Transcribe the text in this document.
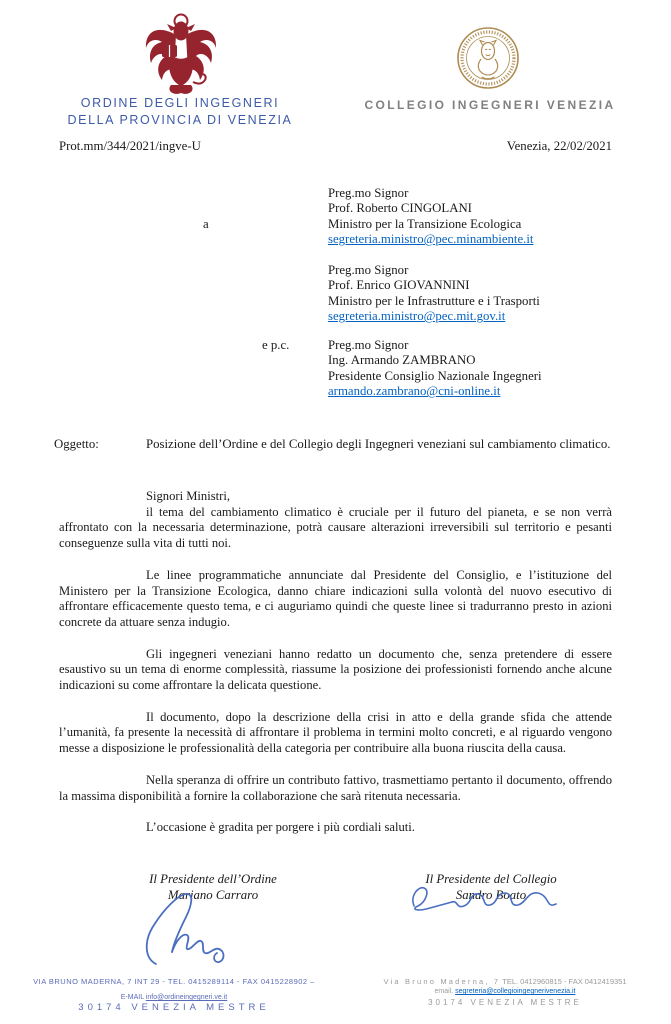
ORDINE DEGLI INGEGNERI
DELLA PROVINCIA DI VENEZIA
COLLEGIO INGEGNERI VENEZIA
Prot.mm/344/2021/ingve-U	Venezia, 22/02/2021
a
e p.c.
Preg.mo Signor
Prof. Roberto CINGOLANI
Ministro per la Transizione Ecologica
segreteria.ministro@pec.minambiente.it
Preg.mo Signor
Prof. Enrico GIOVANNINI
Ministro per le Infrastrutture e i Trasporti
segreteria.ministro@pec.mit.gov.it
Preg.mo Signor
Ing. Armando ZAMBRANO
Presidente Consiglio Nazionale Ingegneri
armando.zambrano@cni-online.it
Oggetto:	Posizione dell’Ordine e del Collegio degli Ingegneri veneziani sul cambiamento climatico.
Signori Ministri,

il tema del cambiamento climatico è cruciale per il futuro del pianeta, e se non verrà affrontato con la necessaria determinazione, potrà causare alterazioni irreversibili sul territorio e pesanti conseguenze sulla vita di tutti noi.

Le linee programmatiche annunciate dal Presidente del Consiglio, e l’istituzione del Ministero per la Transizione Ecologica, danno chiare indicazioni sulla volontà del nuovo esecutivo di affrontare efficacemente questo tema, e ci auguriamo quindi che queste linee si tradurranno presto in azioni concrete da attuare senza indugio.

Gli ingegneri veneziani hanno redatto un documento che, senza pretendere di essere esaustivo su un tema di enorme complessità, riassume la posizione dei professionisti fornendo anche alcune indicazioni su come affrontare la delicata questione.

Il documento, dopo la descrizione della crisi in atto e della grande sfida che attende l’umanità, fa presente la necessità di affrontare il problema in termini molto concreti, e al riguardo vengono messe a disposizione le professionalità della categoria per contribuire alla buona riuscita della causa.

Nella speranza di offrire un contributo fattivo, trasmettiamo pertanto il documento, offrendo la massima disponibilità a fornire la collaborazione che sarà ritenuta necessaria.

L’occasione è gradita per porgere i più cordiali saluti.

Il Presidente dell’Ordine
Mariano Carraro
Il Presidente del Collegio
Sandro Boato
VIA BRUNO MADERNA, 7 INT 29 - TEL. 0415289114 - FAX 0415228902 –
E-MAIL info@ordineingegneri.ve.it
30174 VENEZIA MESTRE
Via Bruno Maderna, 7 TEL. 0412960815 - FAX 0412419351
email. segreteria@collegioingegnerivenezia.it
30174 VENEZIA MESTRE
